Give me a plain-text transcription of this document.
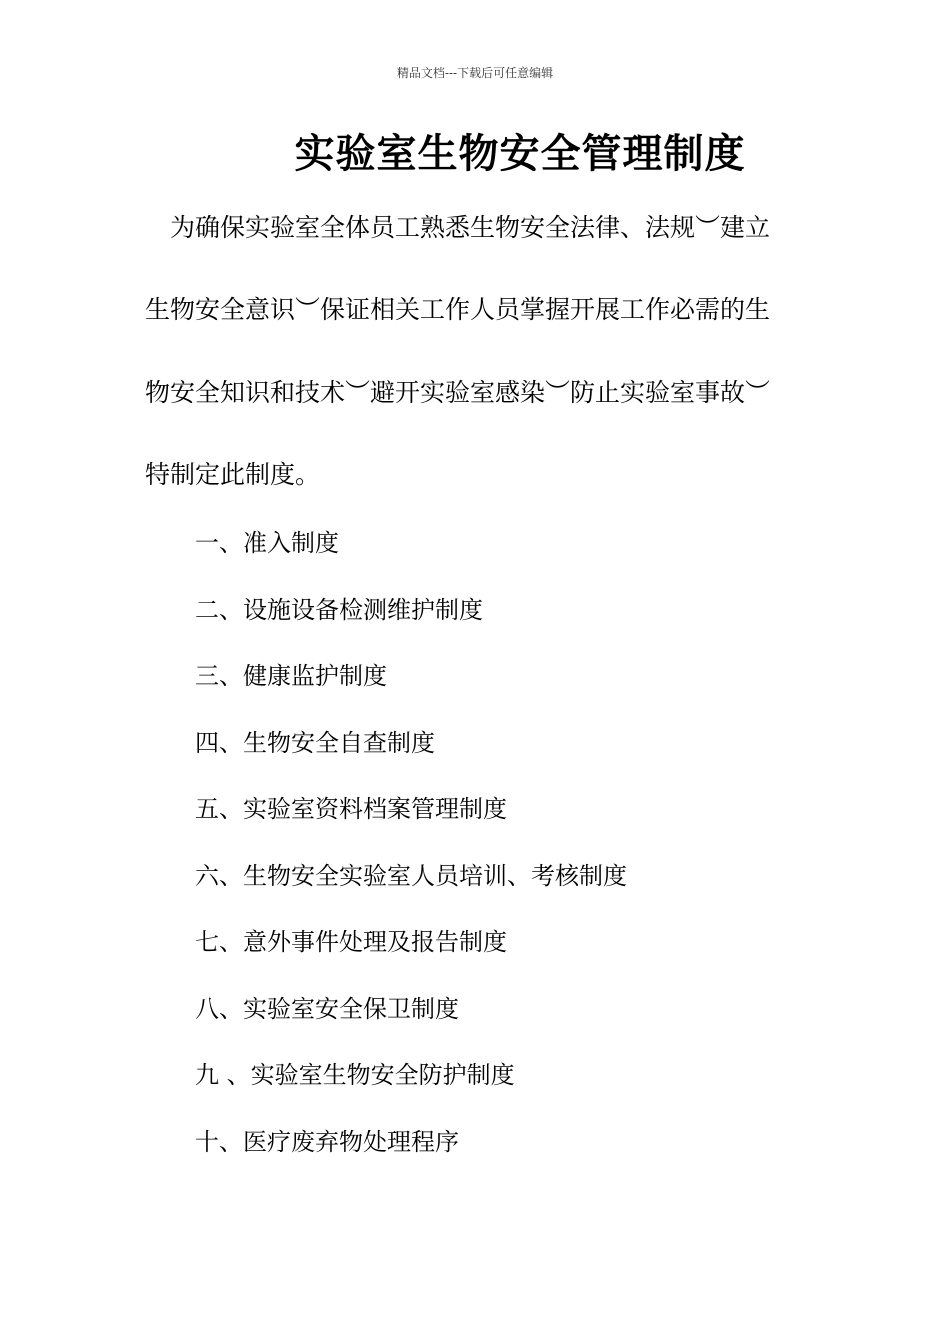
精品文档---下载后可任意编辑
实验室生物安全管理制度
　为确保实验室全体员工熟悉生物安全法律、法规︶建立
生物安全意识︶保证相关工作人员掌握开展工作必需的生
物安全知识和技术︶避开实验室感染︶防止实验室事故︶
特制定此制度。
一、准入制度
二、设施设备检测维护制度
三、健康监护制度
四、生物安全自查制度
五、实验室资料档案管理制度
六、生物安全实验室人员培训、考核制度
七、意外事件处理及报告制度
八、实验室安全保卫制度
九 、实验室生物安全防护制度
十、医疗废弃物处理程序
